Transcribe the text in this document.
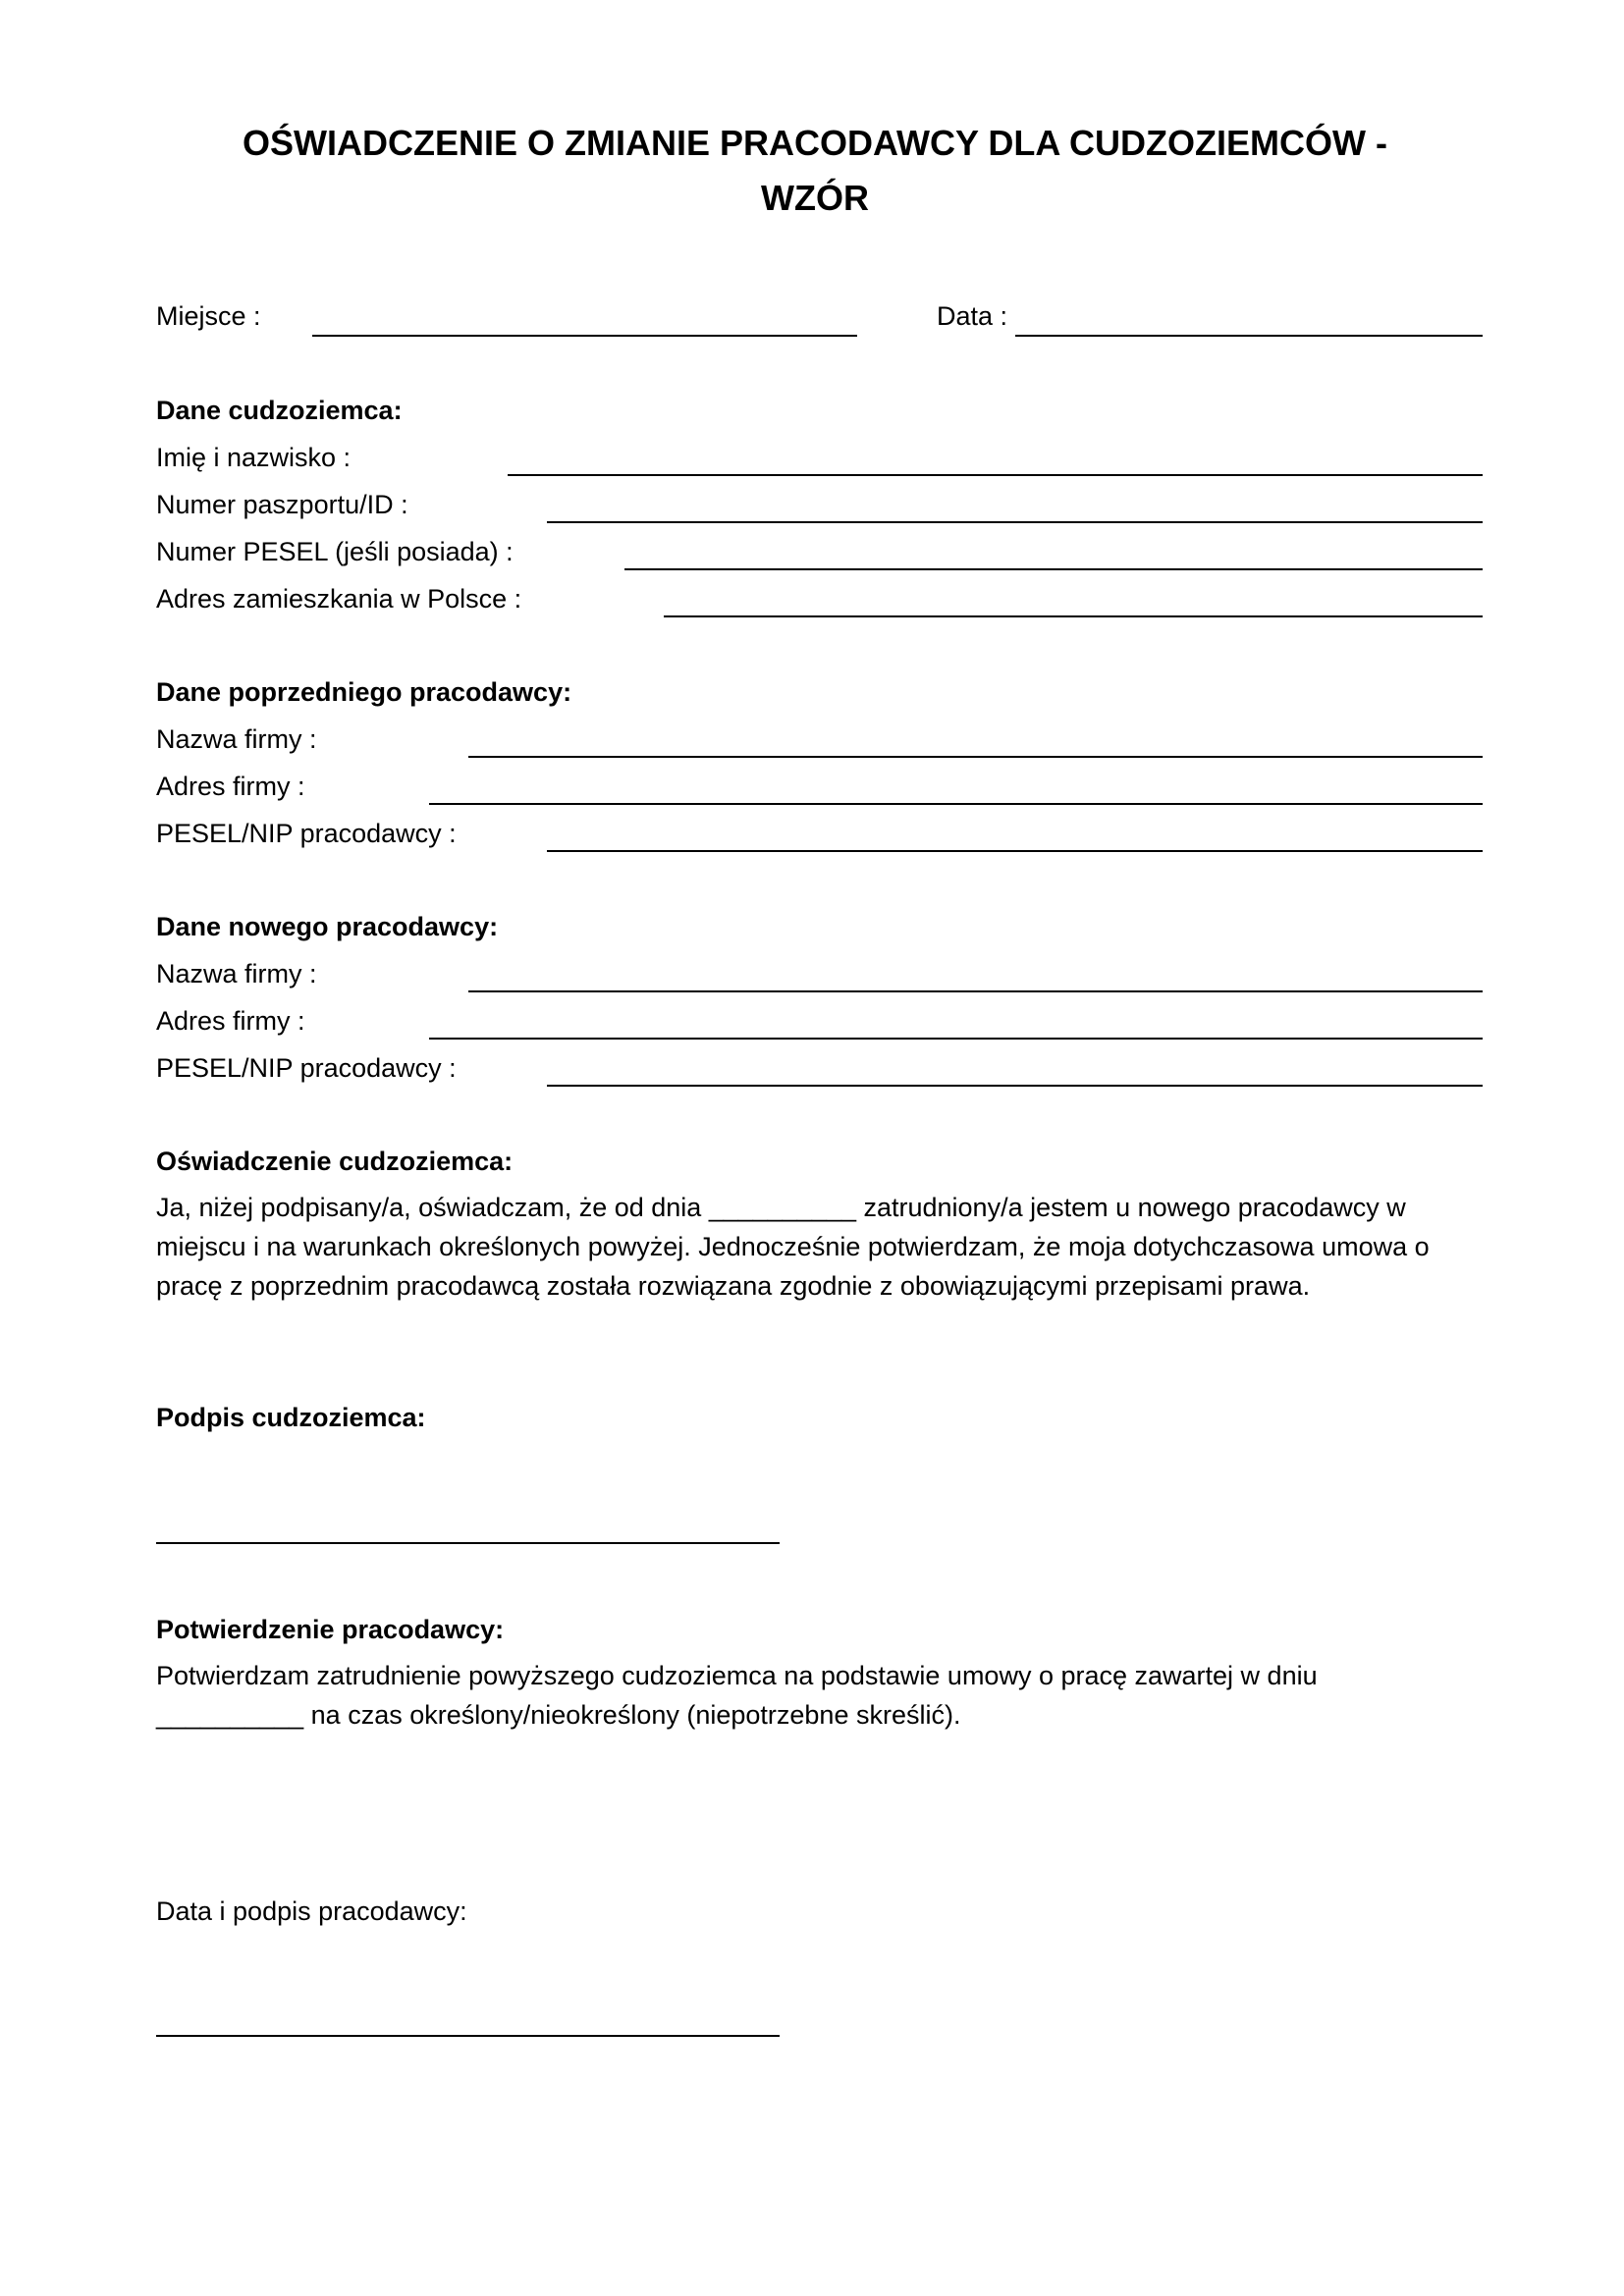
OŚWIADCZENIE O ZMIANIE PRACODAWCY DLA CUDZOZIEMCÓW -
WZÓR
Miejsce :	Data :
Dane cudzoziemca:
Imię i nazwisko :
Numer paszportu/ID :
Numer PESEL (jeśli posiada) :
Adres zamieszkania w Polsce :
Dane poprzedniego pracodawcy:
Nazwa firmy :
Adres firmy :
PESEL/NIP pracodawcy :
Dane nowego pracodawcy:
Nazwa firmy :
Adres firmy :
PESEL/NIP pracodawcy :
Oświadczenie cudzoziemca:
Ja, niżej podpisany/a, oświadczam, że od dnia __________ zatrudniony/a jestem u nowego pracodawcy w
miejscu i na warunkach określonych powyżej. Jednocześnie potwierdzam, że moja dotychczasowa umowa o
pracę z poprzednim pracodawcą została rozwiązana zgodnie z obowiązującymi przepisami prawa.
Podpis cudzoziemca:
Potwierdzenie pracodawcy:
Potwierdzam zatrudnienie powyższego cudzoziemca na podstawie umowy o pracę zawartej w dniu
__________ na czas określony/nieokreślony (niepotrzebne skreślić).
Data i podpis pracodawcy:
